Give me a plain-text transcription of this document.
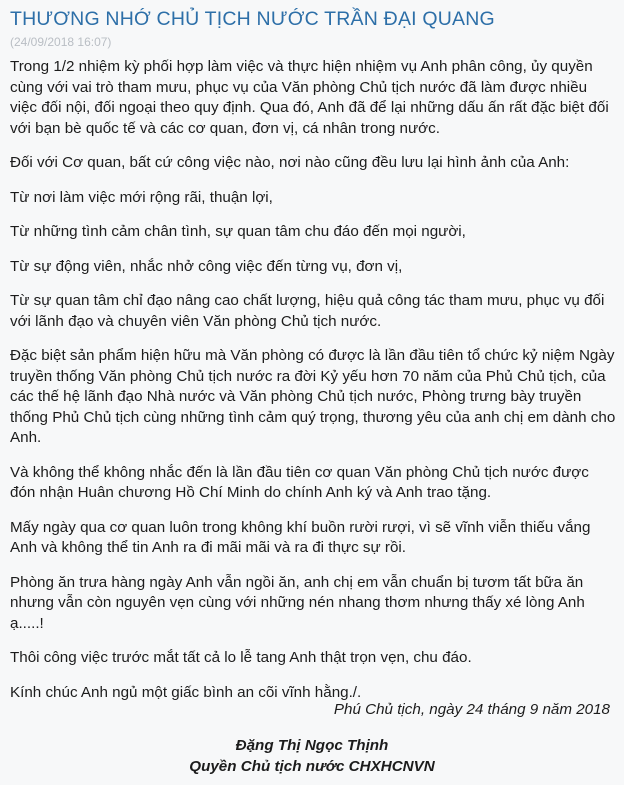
THƯƠNG NHỚ CHỦ TỊCH NƯỚC TRẦN ĐẠI QUANG
(24/09/2018 16:07)

Trong 1/2 nhiệm kỳ phối hợp làm việc và thực hiện nhiệm vụ Anh phân công, ủy quyền cùng với vai trò tham mưu, phục vụ của Văn phòng Chủ tịch nước đã làm được nhiều việc đối nội, đối ngoại theo quy định. Qua đó, Anh đã để lại những dấu ấn rất đặc biệt đối với bạn bè quốc tế và các cơ quan, đơn vị, cá nhân trong nước.

Đối với Cơ quan, bất cứ công việc nào, nơi nào cũng đều lưu lại hình ảnh của Anh:

Từ nơi làm việc mới rộng rãi, thuận lợi,

Từ những tình cảm chân tình, sự quan tâm chu đáo đến mọi người,

Từ sự động viên, nhắc nhở công việc đến từng vụ, đơn vị,

Từ sự quan tâm chỉ đạo nâng cao chất lượng, hiệu quả công tác tham mưu, phục vụ đối với lãnh đạo và chuyên viên Văn phòng Chủ tịch nước.

Đặc biệt sản phẩm hiện hữu mà Văn phòng có được là lần đầu tiên tổ chức kỷ niệm Ngày truyền thống Văn phòng Chủ tịch nước ra đời Kỷ yếu hơn 70 năm của Phủ Chủ tịch, của các thế hệ lãnh đạo Nhà nước và Văn phòng Chủ tịch nước, Phòng trưng bày truyền thống Phủ Chủ tịch cùng những tình cảm quý trọng, thương yêu của anh chị em dành cho Anh.

Và không thể không nhắc đến là lần đầu tiên cơ quan Văn phòng Chủ tịch nước được đón nhận Huân chương Hồ Chí Minh do chính Anh ký và Anh trao tặng.

Mấy ngày qua cơ quan luôn trong không khí buồn rười rượi, vì sẽ vĩnh viễn thiếu vắng Anh và không thể tin Anh ra đi mãi mãi và ra đi thực sự rồi.

Phòng ăn trưa hàng ngày Anh vẫn ngồi ăn, anh chị em vẫn chuẩn bị tươm tất bữa ăn nhưng vẫn còn nguyên vẹn cùng với những nén nhang thơm nhưng thấy xé lòng Anh ạ.....!

Thôi công việc trước mắt tất cả lo lễ tang Anh thật trọn vẹn, chu đáo.

Kính chúc Anh ngủ một giấc bình an cõi vĩnh hằng./.

Phú Chủ tịch, ngày 24 tháng 9 năm 2018
Đặng Thị Ngọc Thịnh
Quyền Chủ tịch nước CHXHCNVN
